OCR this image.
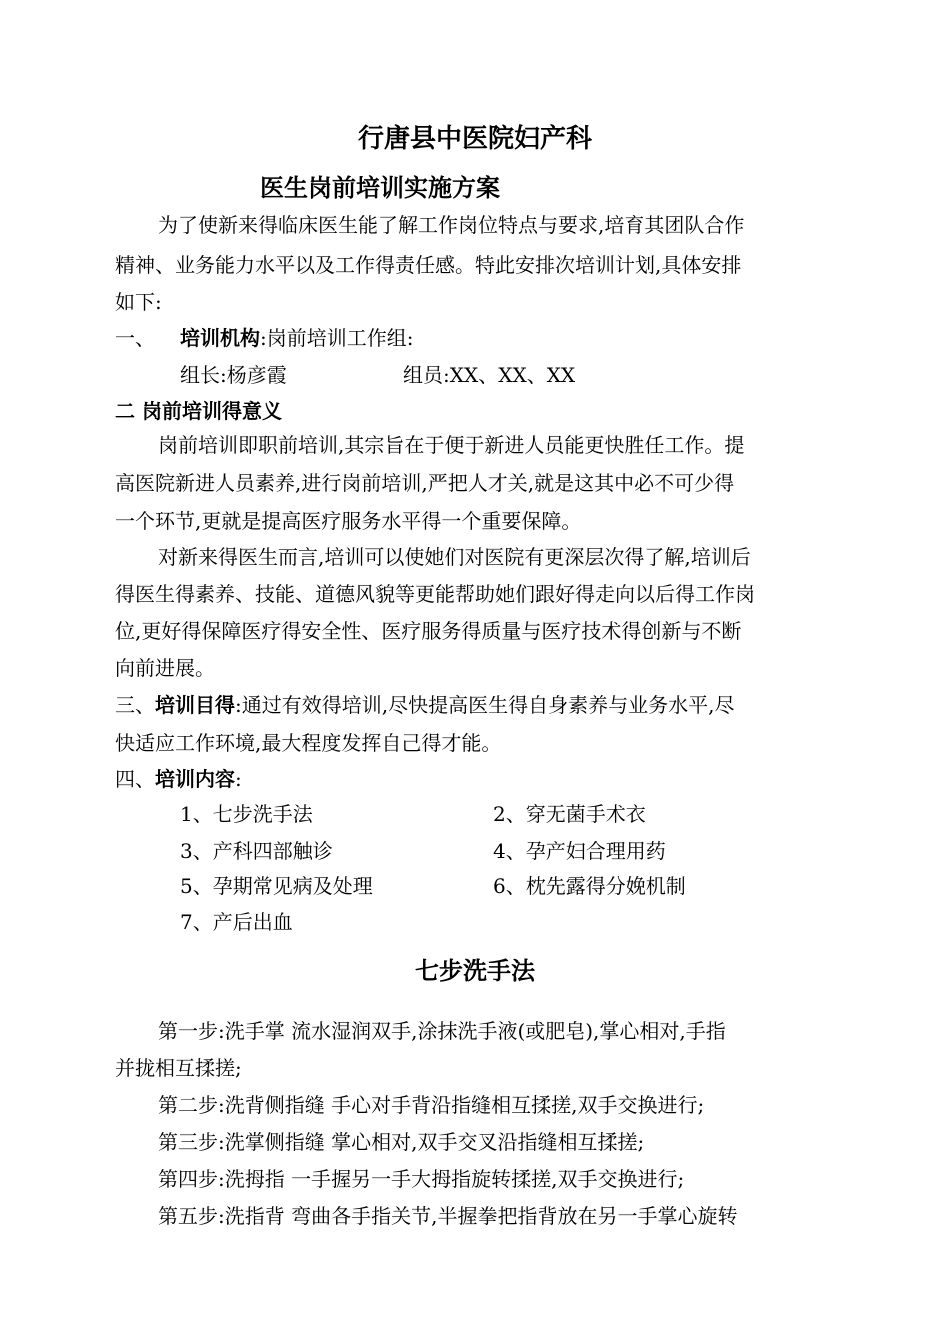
行唐县中医院妇产科
医生岗前培训实施方案
为了使新来得临床医生能了解工作岗位特点与要求,培育其团队合作
精神、业务能力水平以及工作得责任感。特此安排次培训计划,具体安排
如下:
一、 培训机构:岗前培训工作组:
组长:杨彦霞	组员:XX、XX、XX
二 岗前培训得意义
岗前培训即职前培训,其宗旨在于便于新进人员能更快胜任工作。提
高医院新进人员素养,进行岗前培训,严把人才关,就是这其中必不可少得
一个环节,更就是提高医疗服务水平得一个重要保障。
对新来得医生而言,培训可以使她们对医院有更深层次得了解,培训后
得医生得素养、技能、道德风貌等更能帮助她们跟好得走向以后得工作岗
位,更好得保障医疗得安全性、医疗服务得质量与医疗技术得创新与不断
向前进展。
三、培训目得:通过有效得培训,尽快提高医生得自身素养与业务水平,尽
快适应工作环境,最大程度发挥自己得才能。
四、培训内容:
1、七步洗手法	2、穿无菌手术衣
3、产科四部触诊	4、孕产妇合理用药
5、孕期常见病及处理	6、枕先露得分娩机制
7、产后出血
七步洗手法
第一步:洗手掌 流水湿润双手,涂抹洗手液(或肥皂),掌心相对,手指
并拢相互揉搓;
第二步:洗背侧指缝 手心对手背沿指缝相互揉搓,双手交换进行;
第三步:洗掌侧指缝 掌心相对,双手交叉沿指缝相互揉搓;
第四步:洗拇指 一手握另一手大拇指旋转揉搓,双手交换进行;
第五步:洗指背 弯曲各手指关节,半握拳把指背放在另一手掌心旋转
